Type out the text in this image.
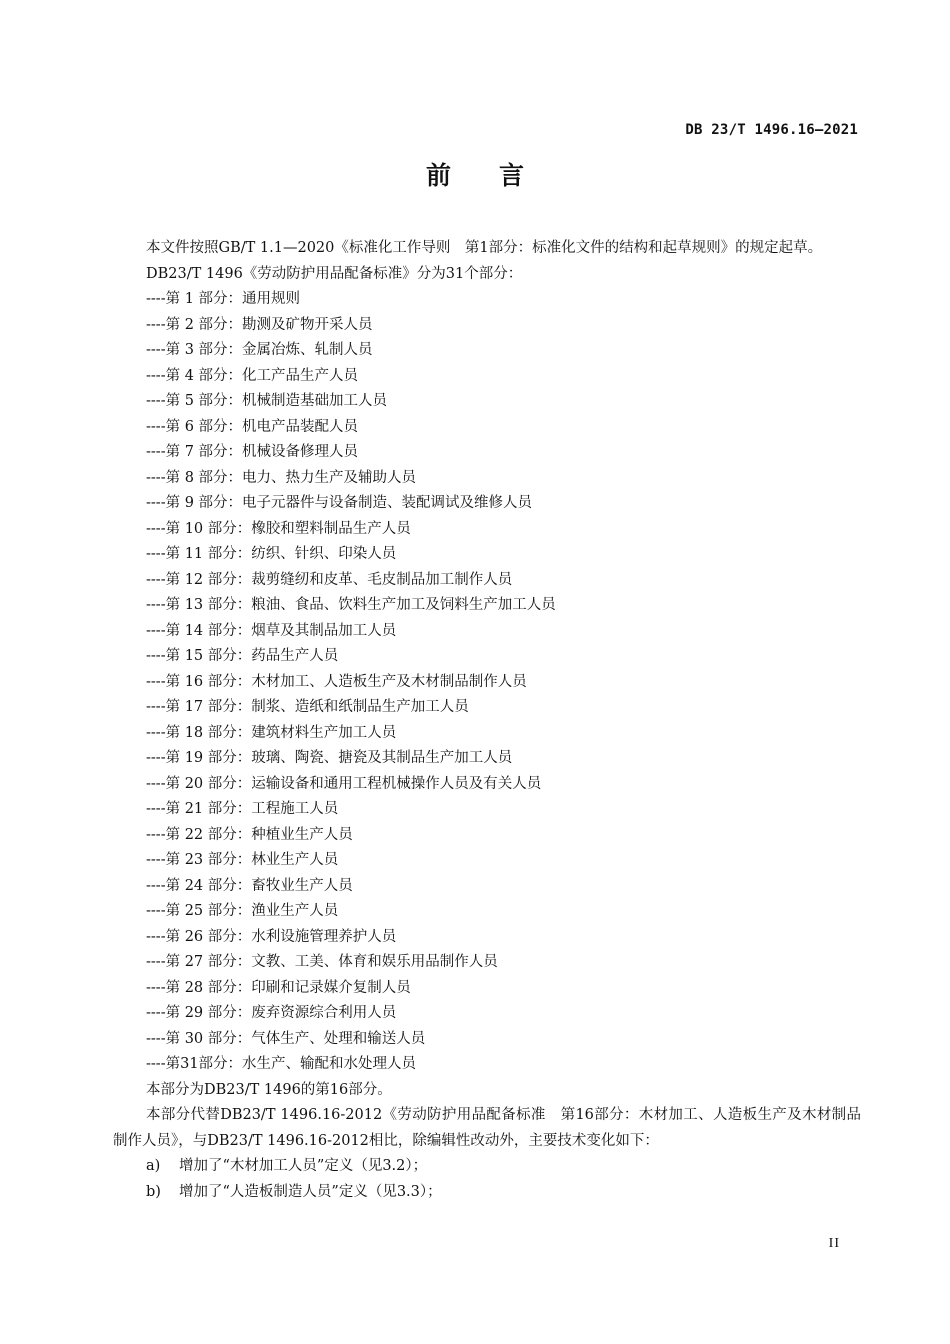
DB 23/T 1496.16—2021
前言

本文件按照GB/T 1.1—2020《标准化工作导则　第1部分：标准化文件的结构和起草规则》的规定起草。

DB23/T 1496《劳动防护用品配备标准》分为31个部分：

----第 1 部分：通用规则
----第 2 部分：勘测及矿物开采人员
----第 3 部分：金属冶炼、轧制人员
----第 4 部分：化工产品生产人员
----第 5 部分：机械制造基础加工人员
----第 6 部分：机电产品装配人员
----第 7 部分：机械设备修理人员
----第 8 部分：电力、热力生产及辅助人员
----第 9 部分：电子元器件与设备制造、装配调试及维修人员
----第 10 部分：橡胶和塑料制品生产人员
----第 11 部分：纺织、针织、印染人员
----第 12 部分：裁剪缝纫和皮革、毛皮制品加工制作人员
----第 13 部分：粮油、食品、饮料生产加工及饲料生产加工人员
----第 14 部分：烟草及其制品加工人员
----第 15 部分：药品生产人员
----第 16 部分：木材加工、人造板生产及木材制品制作人员
----第 17 部分：制浆、造纸和纸制品生产加工人员
----第 18 部分：建筑材料生产加工人员
----第 19 部分：玻璃、陶瓷、搪瓷及其制品生产加工人员
----第 20 部分：运输设备和通用工程机械操作人员及有关人员
----第 21 部分：工程施工人员
----第 22 部分：种植业生产人员
----第 23 部分：林业生产人员
----第 24 部分：畜牧业生产人员
----第 25 部分：渔业生产人员
----第 26 部分：水利设施管理养护人员
----第 27 部分：文教、工美、体育和娱乐用品制作人员
----第 28 部分：印刷和记录媒介复制人员
----第 29 部分：废弃资源综合利用人员
----第 30 部分：气体生产、处理和输送人员
----第31部分：水生产、输配和水处理人员

本部分为DB23/T 1496的第16部分。

本部分代替DB23/T 1496.16-2012《劳动防护用品配备标准　第16部分：木材加工、人造板生产及木材制品制作人员》，与DB23/T 1496.16-2012相比，除编辑性改动外，主要技术变化如下：

a) 增加了“木材加工人员”定义（见3.2）；
b) 增加了“人造板制造人员”定义（见3.3）；
II
